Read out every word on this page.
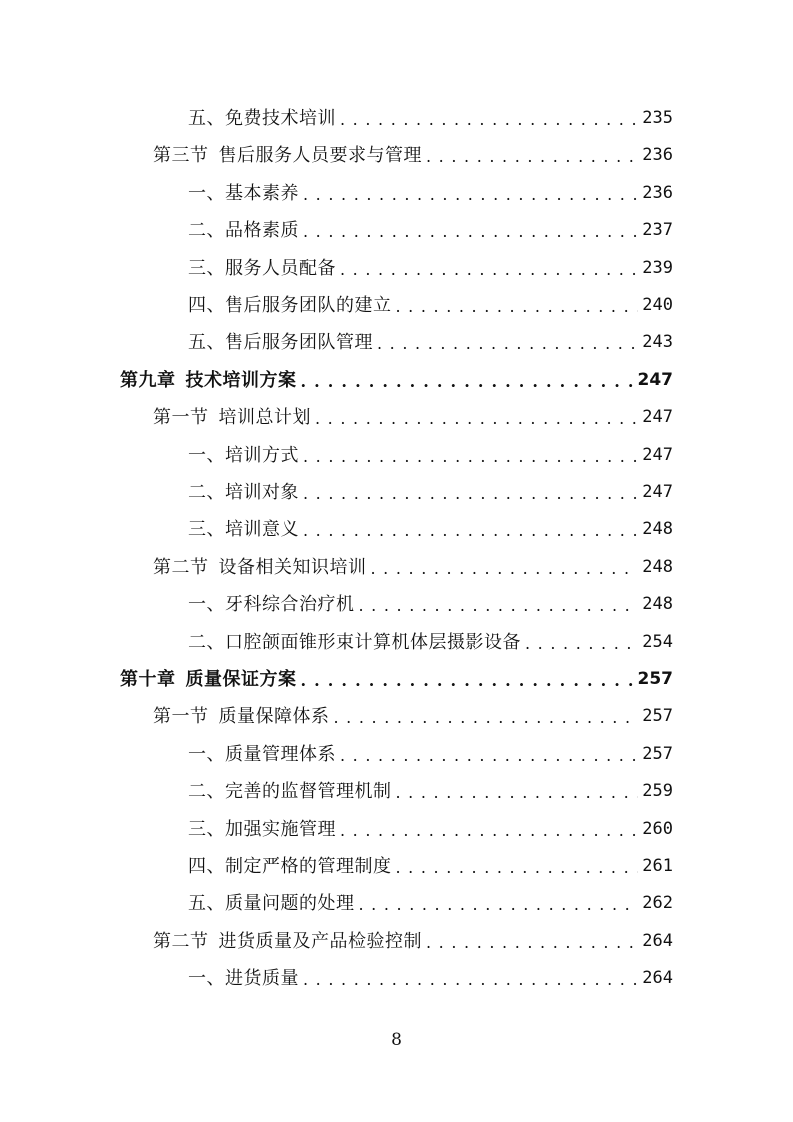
五、免费技术培训 . . .	235
第三节 售后服务人员要求与管理 . . .	236
一、基本素养 . . .	236
二、品格素质 . . .	237
三、服务人员配备 . . .	239
四、售后服务团队的建立 . . .	240
五、售后服务团队管理 . . .	243
第九章 技术培训方案 . . .	247
第一节 培训总计划 . . .	247
一、培训方式 . . .	247
二、培训对象 . . .	247
三、培训意义 . . .	248
第二节 设备相关知识培训 . . .	248
一、牙科综合治疗机 . . .	248
二、口腔颌面锥形束计算机体层摄影设备 . . .	254
第十章 质量保证方案 . . .	257
第一节 质量保障体系 . . .	257
一、质量管理体系 . . .	257
二、完善的监督管理机制 . . .	259
三、加强实施管理 . . .	260
四、制定严格的管理制度 . . .	261
五、质量问题的处理 . . .	262
第二节 进货质量及产品检验控制 . . .	264
一、进货质量 . . .	264
8
